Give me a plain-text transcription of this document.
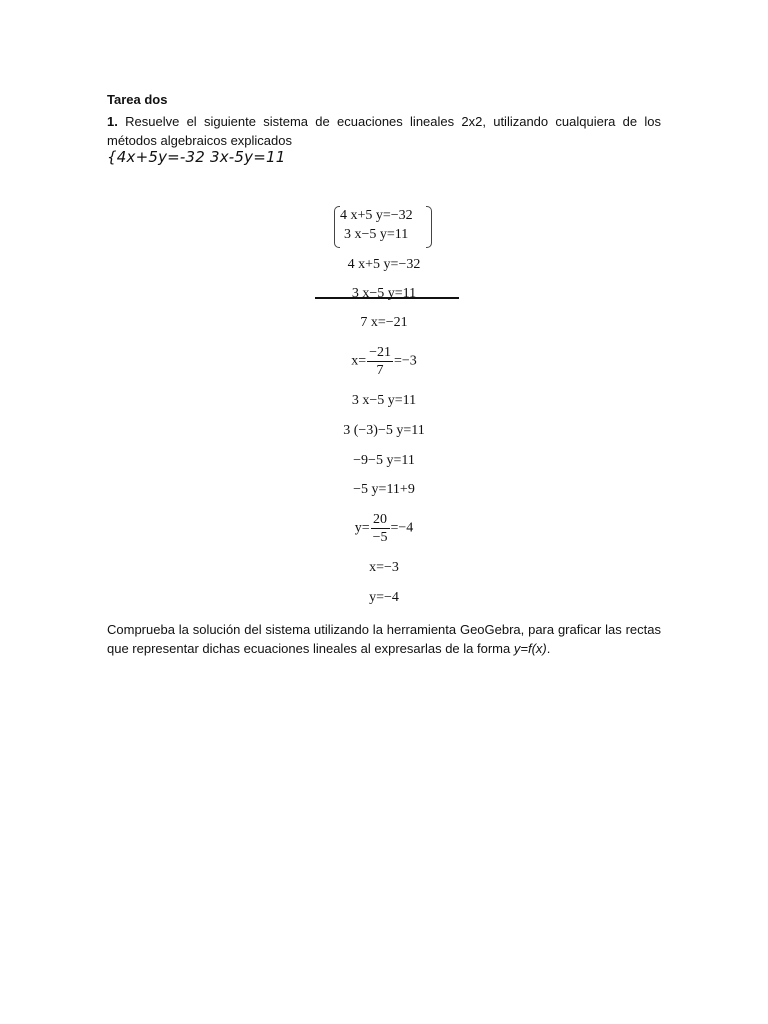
Tarea dos
1. Resuelve el siguiente sistema de ecuaciones lineales 2x2, utilizando cualquiera de los métodos algebraicos explicados
{4x+5y=-32 3x-5y=11
4 x+5 y=−32
3 x−5 y=11
4 x+5 y=−32
3 x−5 y=11
7 x=−21
$x= \frac{-21}{7} =-3$
3 x−5 y=11
3 (−3)−5 y=11
−9−5 y=11
−5 y=11+9
$y= \frac{20}{-5} =-4$
x=−3
y=−4
Comprueba la solución del sistema utilizando la herramienta GeoGebra, para graficar las rectas que representar dichas ecuaciones lineales al expresarlas de la forma y=f(x).
